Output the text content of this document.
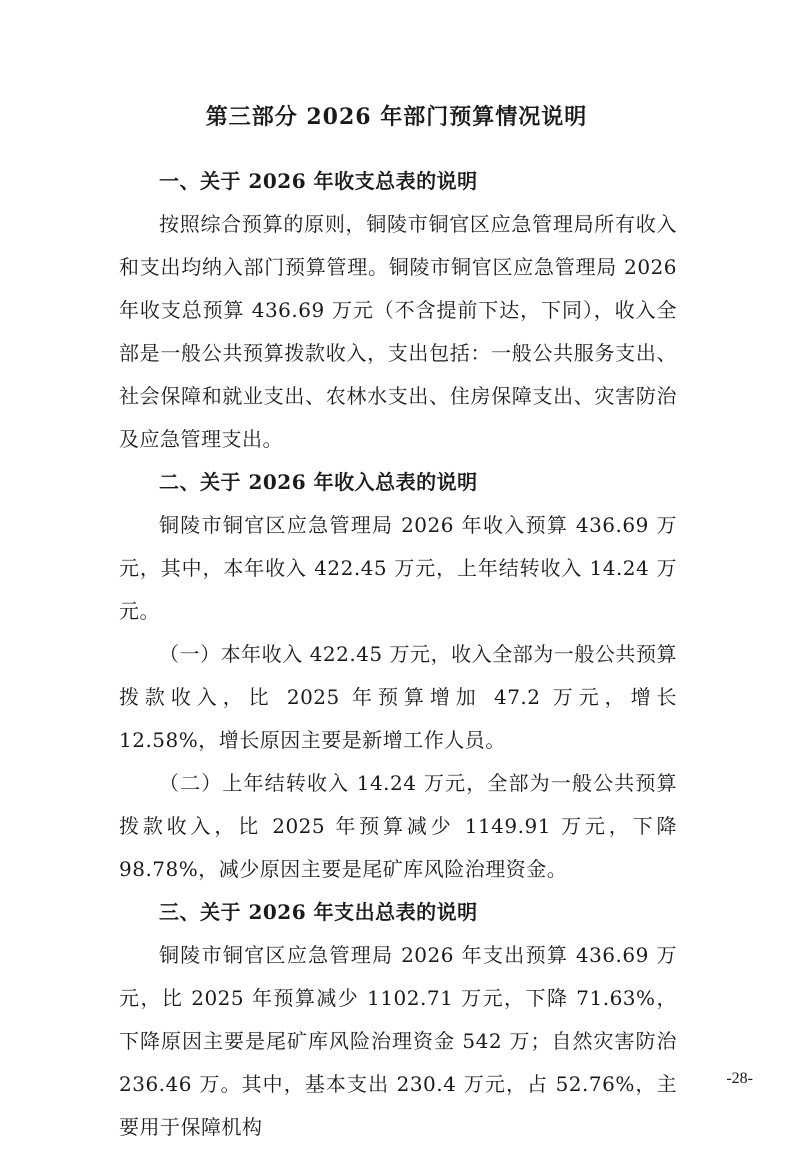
第三部分 2026 年部门预算情况说明
一、关于 2026 年收支总表的说明

按照综合预算的原则，铜陵市铜官区应急管理局所有收入和支出均纳入部门预算管理。铜陵市铜官区应急管理局 2026 年收支总预算 436.69 万元（不含提前下达，下同），收入全部是一般公共预算拨款收入，支出包括：一般公共服务支出、社会保障和就业支出、农林水支出、住房保障支出、灾害防治及应急管理支出。

二、关于 2026 年收入总表的说明

铜陵市铜官区应急管理局 2026 年收入预算 436.69 万元，其中，本年收入 422.45 万元，上年结转收入 14.24 万元。

（一）本年收入 422.45 万元，收入全部为一般公共预算拨款收入，比 2025 年预算增加 47.2 万元，增长 12.58%，增长原因主要是新增工作人员。

（二）上年结转收入 14.24 万元，全部为一般公共预算拨款收入，比 2025 年预算减少 1149.91 万元，下降 98.78%，减少原因主要是尾矿库风险治理资金。

三、关于 2026 年支出总表的说明

铜陵市铜官区应急管理局 2026 年支出预算 436.69 万元，比 2025 年预算减少 1102.71 万元，下降 71.63%，下降原因主要是尾矿库风险治理资金 542 万；自然灾害防治 236.46 万。其中，基本支出 230.4 万元，占 52.76%，主要用于保障机构

-28-
